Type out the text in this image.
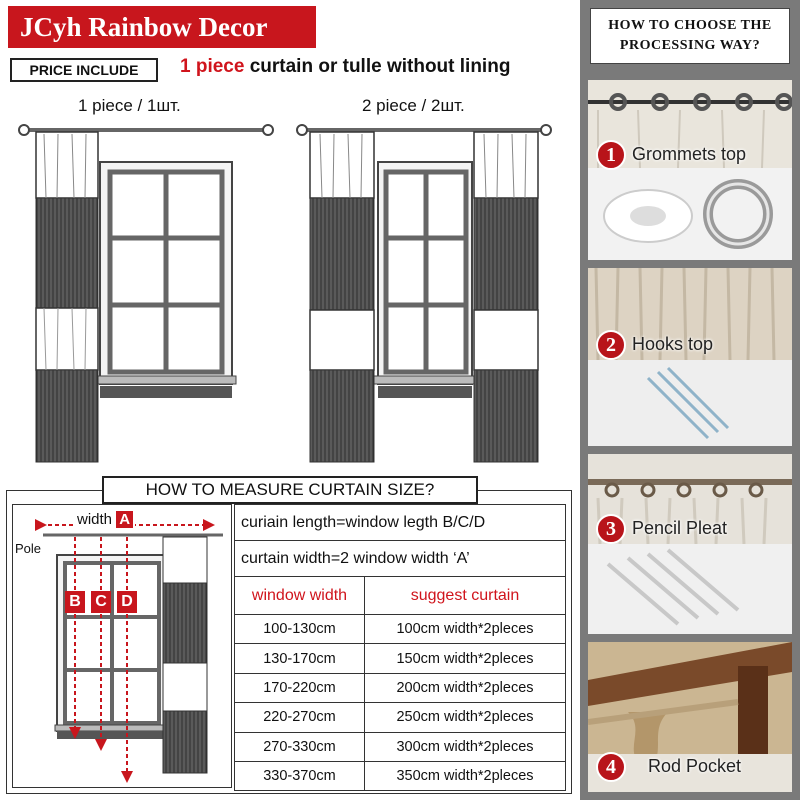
JCyh Rainbow Decor
PRICE INCLUDE	1 piece curtain or tulle without lining
1 piece / 1шт.	2 piece / 2шт.
HOW TO MEASURE CURTAIN SIZE?
Pole
width A
B C D
curiain length=window legth B/C/D	
curtain width=2 window width ‘A’	
window width	suggest curtain
100-130cm	100cm width*2pleces
130-170cm	150cm width*2pleces
170-220cm	200cm width*2pleces
220-270cm	250cm width*2pleces
270-330cm	300cm width*2pleces
330-370cm	350cm width*2pleces
HOW TO CHOOSE THE
PROCESSING WAY?
1 Grommets top
2 Hooks top
3 Pencil Pleat
4	Rod Pocket
